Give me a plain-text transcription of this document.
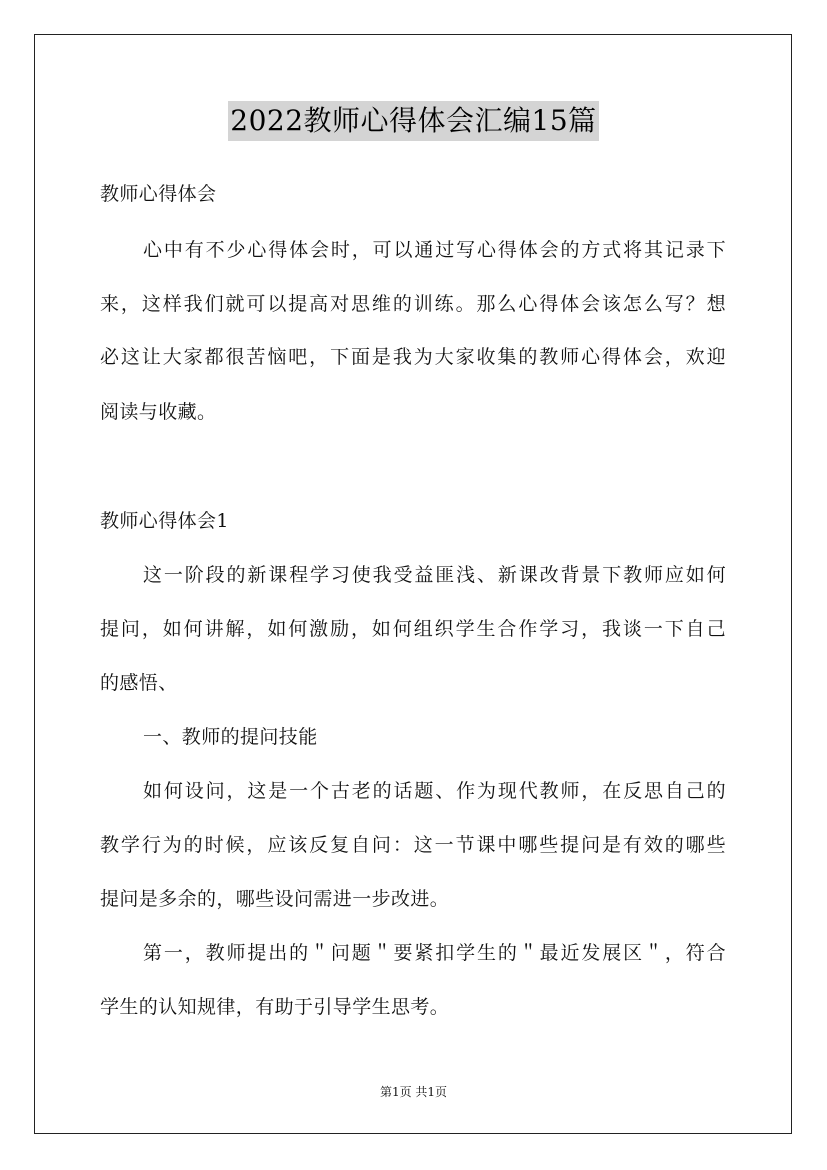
2022教师心得体会汇编15篇
教师心得体会
心中有不少心得体会时，可以通过写心得体会的方式将其记录下
来，这样我们就可以提高对思维的训练。那么心得体会该怎么写？想
必这让大家都很苦恼吧，下面是我为大家收集的教师心得体会，欢迎
阅读与收藏。
教师心得体会1
这一阶段的新课程学习使我受益匪浅、新课改背景下教师应如何
提问，如何讲解，如何激励，如何组织学生合作学习，我谈一下自己
的感悟、
一、教师的提问技能
如何设问，这是一个古老的话题、作为现代教师，在反思自己的
教学行为的时候，应该反复自问：这一节课中哪些提问是有效的哪些
提问是多余的，哪些设问需进一步改进。
第一，教师提出的＂问题＂要紧扣学生的＂最近发展区＂，符合
学生的认知规律，有助于引导学生思考。
第1页 共1页
